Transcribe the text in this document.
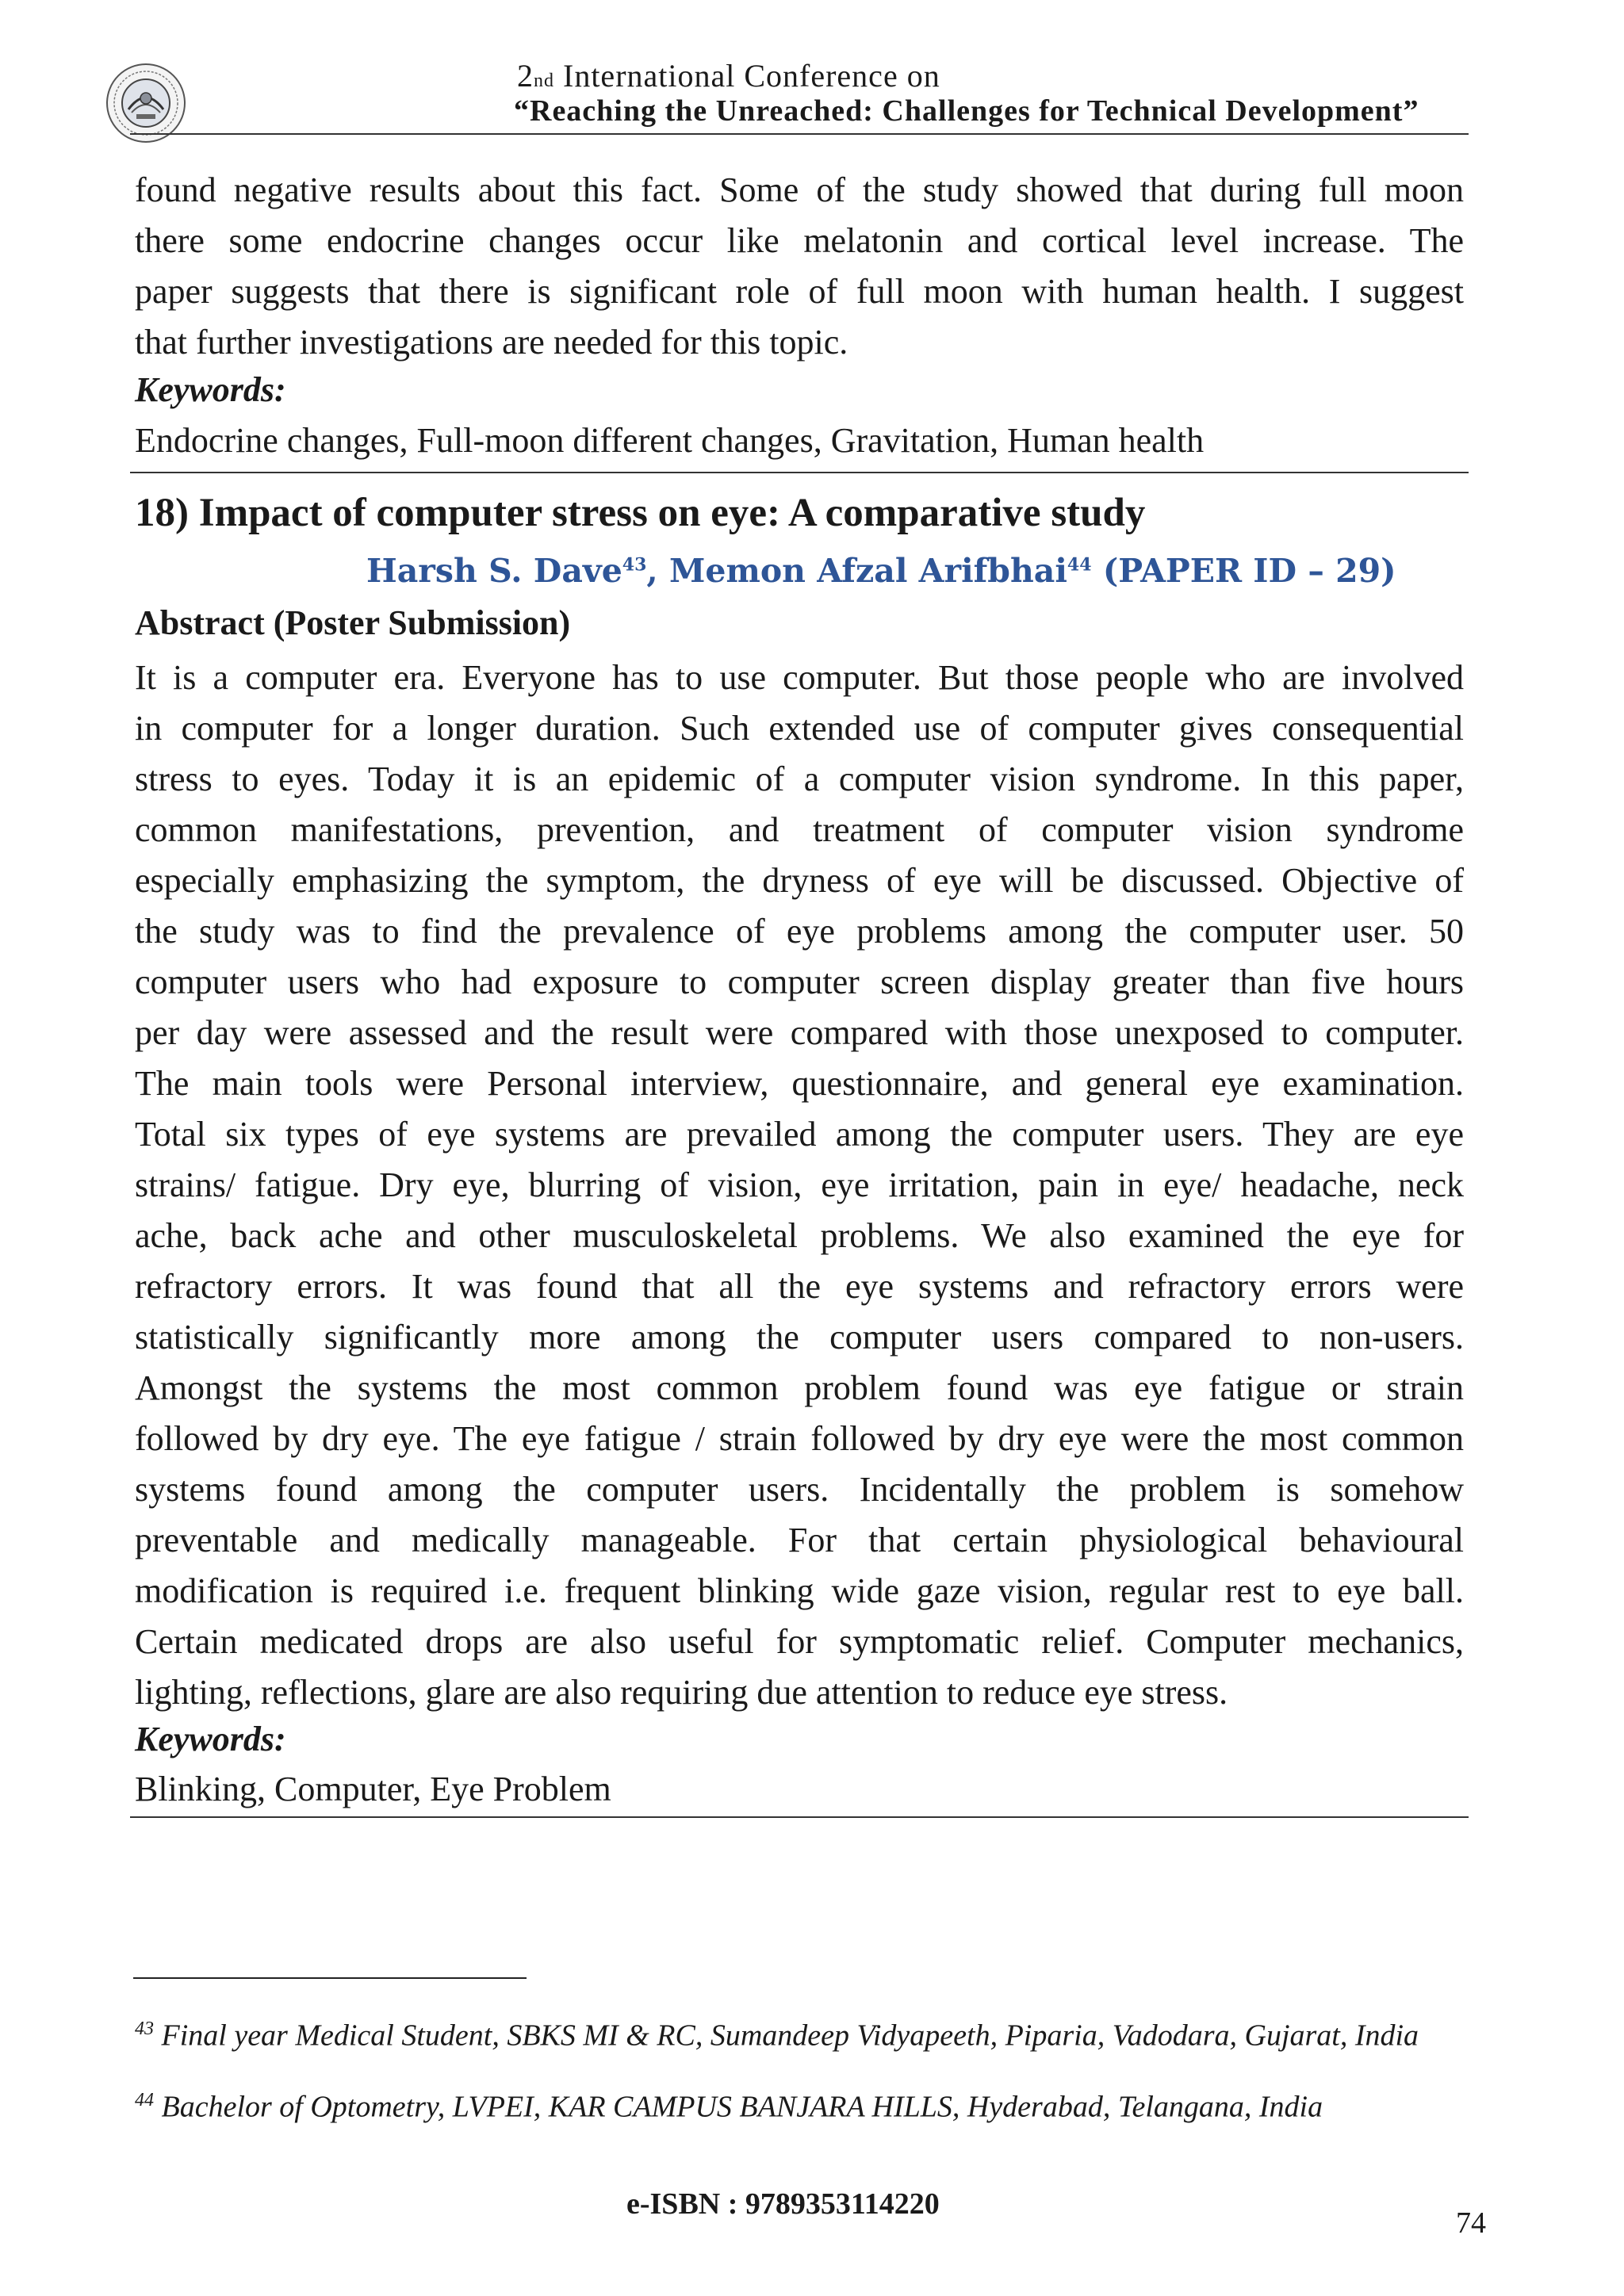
2nd International Conference on
“Reaching the Unreached: Challenges for Technical Development”
found negative results about this fact. Some of the study showed that during full moon
there some endocrine changes occur like melatonin and cortical level increase. The
paper suggests that there is significant role of full moon with human health. I suggest
that further investigations are needed for this topic.
Keywords:
Endocrine changes, Full-moon different changes, Gravitation, Human health
18) Impact of computer stress on eye: A comparative study
Harsh S. Dave$^{43}$, Memon Afzal Arifbhai$^{44}$ (PAPER ID – 29)
Abstract (Poster Submission)
It is a computer era. Everyone has to use computer. But those people who are involved
in computer for a longer duration. Such extended use of computer gives consequential
stress to eyes. Today it is an epidemic of a computer vision syndrome. In this paper,
common manifestations, prevention, and treatment of computer vision syndrome
especially emphasizing the symptom, the dryness of eye will be discussed. Objective of
the study was to find the prevalence of eye problems among the computer user. 50
computer users who had exposure to computer screen display greater than five hours
per day were assessed and the result were compared with those unexposed to computer.
The main tools were Personal interview, questionnaire, and general eye examination.
Total six types of eye systems are prevailed among the computer users. They are eye
strains/ fatigue. Dry eye, blurring of vision, eye irritation, pain in eye/ headache, neck
ache, back ache and other musculoskeletal problems. We also examined the eye for
refractory errors. It was found that all the eye systems and refractory errors were
statistically significantly more among the computer users compared to non-users.
Amongst the systems the most common problem found was eye fatigue or strain
followed by dry eye. The eye fatigue / strain followed by dry eye were the most common
systems found among the computer users. Incidentally the problem is somehow
preventable and medically manageable. For that certain physiological behavioural
modification is required i.e. frequent blinking wide gaze vision, regular rest to eye ball.
Certain medicated drops are also useful for symptomatic relief. Computer mechanics,
lighting, reflections, glare are also requiring due attention to reduce eye stress.
Keywords:
Blinking, Computer, Eye Problem
$^{43}$ Final year Medical Student, SBKS MI & RC, Sumandeep Vidyapeeth, Piparia, Vadodara, Gujarat, India
$^{44}$ Bachelor of Optometry, LVPEI, KAR CAMPUS BANJARA HILLS, Hyderabad, Telangana, India
e-ISBN : 9789353114220
74
